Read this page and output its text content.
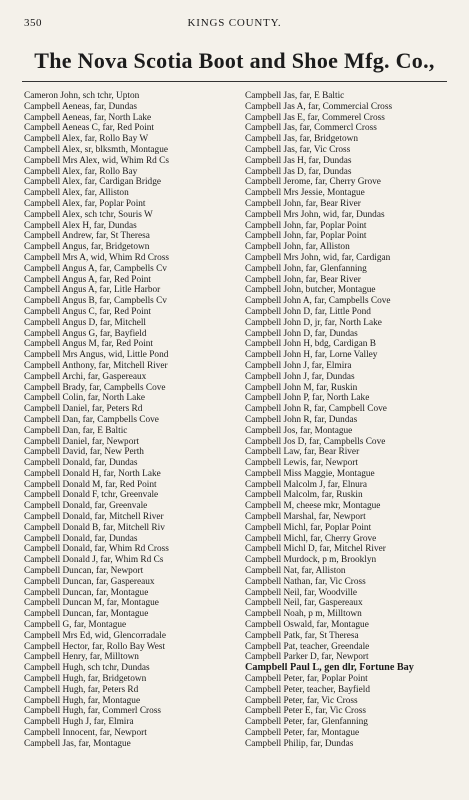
350	KINGS COUNTY.
The Nova Scotia Boot and Shoe Mfg. Co.,
Cameron John, sch tchr, Upton
Campbell Aeneas, far, Dundas
Campbell Aeneas, far, North Lake
Campbell Aeneas C, far, Red Point
Campbell Alex, far, Rollo Bay W
Campbell Alex, sr, blksmth, Montague
Campbell Mrs Alex, wid, Whim Rd Cs
Campbell Alex, far, Rollo Bay
Campbell Alex, far, Cardigan Bridge
Campbell Alex, far, Alliston
Campbell Alex, far, Poplar Point
Campbell Alex, sch tchr, Souris W
Campbell Alex H, far, Dundas
Campbell Andrew, far, St Theresa
Campbell Angus, far, Bridgetown
Campbell Mrs A, wid, Whim Rd Cross
Campbell Angus A, far, Campbells Cv
Campbell Angus A, far, Red Point
Campbell Angus A, far, Litle Harbor
Campbell Angus B, far, Campbells Cv
Campbell Angus C, far, Red Point
Campbell Angus D, far, Mitchell
Campbell Angus G, far, Bayfield
Campbell Angus M, far, Red Point
Campbell Mrs Angus, wid, Little Pond
Campbell Anthony, far, Mitchell River
Campbell Archi, far, Gaspereaux
Campbell Brady, far, Campbells Cove
Campbell Colin, far, North Lake
Campbell Daniel, far, Peters Rd
Campbell Dan, far, Campbells Cove
Campbell Dan, far, E Baltic
Campbell Daniel, far, Newport
Campbell David, far, New Perth
Campbell Donald, far, Dundas
Campbell Donald H, far, North Lake
Campbell Donald M, far, Red Point
Campbell Donald F, tchr, Greenvale
Campbell Donald, far, Greenvale
Campbell Donald, far, Mitchell River
Campbell Donald B, far, Mitchell Riv
Campbell Donald, far, Dundas
Campbell Donald, far, Whim Rd Cross
Campbell Donald J, far, Whim Rd Cs
Campbell Duncan, far, Newport
Campbell Duncan, far, Gaspereaux
Campbell Duncan, far, Montague
Campbell Duncan M, far, Montague
Campbell Duncan, far, Montague
Campbell G, far, Montague
Campbell Mrs Ed, wid, Glencorradale
Campbell Hector, far, Rollo Bay West
Campbell Henry, far, Milltown
Campbell Hugh, sch tchr, Dundas
Campbell Hugh, far, Bridgetown
Campbell Hugh, far, Peters Rd
Campbell Hugh, far, Montague
Campbell Hugh, far, Commerl Cross
Campbell Hugh J, far, Elmira
Campbell Innocent, far, Newport
Campbell Jas, far, Montague
Campbell Jas, far, E Baltic
Campbell Jas A, far, Commercial Cross
Campbell Jas E, far, Commerel Cross
Campbell Jas, far, Commercl Cross
Campbell Jas, far, Bridgetown
Campbell Jas, far, Vic Cross
Campbell Jas H, far, Dundas
Campbell Jas D, far, Dundas
Campbell Jerome, far, Cherry Grove
Campbell Mrs Jessie, Montague
Campbell John, far, Bear River
Campbell Mrs John, wid, far, Dundas
Campbell John, far, Poplar Point
Campbell John, far, Poplar Point
Campbell John, far, Alliston
Campbell Mrs John, wid, far, Cardigan
Campbell John, far, Glenfanning
Campbell John, far, Bear River
Campbell John, butcher, Montague
Campbell John A, far, Campbells Cove
Campbell John D, far, Little Pond
Campbell John D, jr, far, North Lake
Campbell John D, far, Dundas
Campbell John H, bdg, Cardigan B
Campbell John H, far, Lorne Valley
Campbell John J, far, Elmira
Campbell John J, far, Dundas
Campbell John M, far, Ruskin
Campbell John P, far, North Lake
Campbell John R, far, Campbell Cove
Campbell John R, far, Dundas
Campbell Jos, far, Montague
Campbell Jos D, far, Campbells Cove
Campbell Law, far, Bear River
Campbell Lewis, far, Newport
Campbell Miss Maggie, Montague
Campbell Malcolm J, far, Elnura
Campbell Malcolm, far, Ruskin
Campbell M, cheese mkr, Montague
Campbell Marshal, far, Newport
Campbell Michl, far, Poplar Point
Campbell Michl, far, Cherry Grove
Campbell Michl D, far, Mitchel River
Campbell Murdock, p m, Brooklyn
Campbell Nat, far, Alliston
Campbell Nathan, far, Vic Cross
Campbell Neil, far, Woodville
Campbell Neil, far, Gaspereaux
Campbell Noah, p m, Milltown
Campbell Oswald, far, Montague
Campbell Patk, far, St Theresa
Campbell Pat, teacher, Greendale
Campbell Parker D, far, Newport
Campbell Paul L, gen dlr, Fortune Bay
Campbell Peter, far, Poplar Point
Campbell Peter, teacher, Bayfield
Campbell Peter, far, Vic Cross
Campbell Peter E, far, Vic Cross
Campbell Peter, far, Glenfanning
Campbell Peter, far, Montague
Campbell Philip, far, Dundas
